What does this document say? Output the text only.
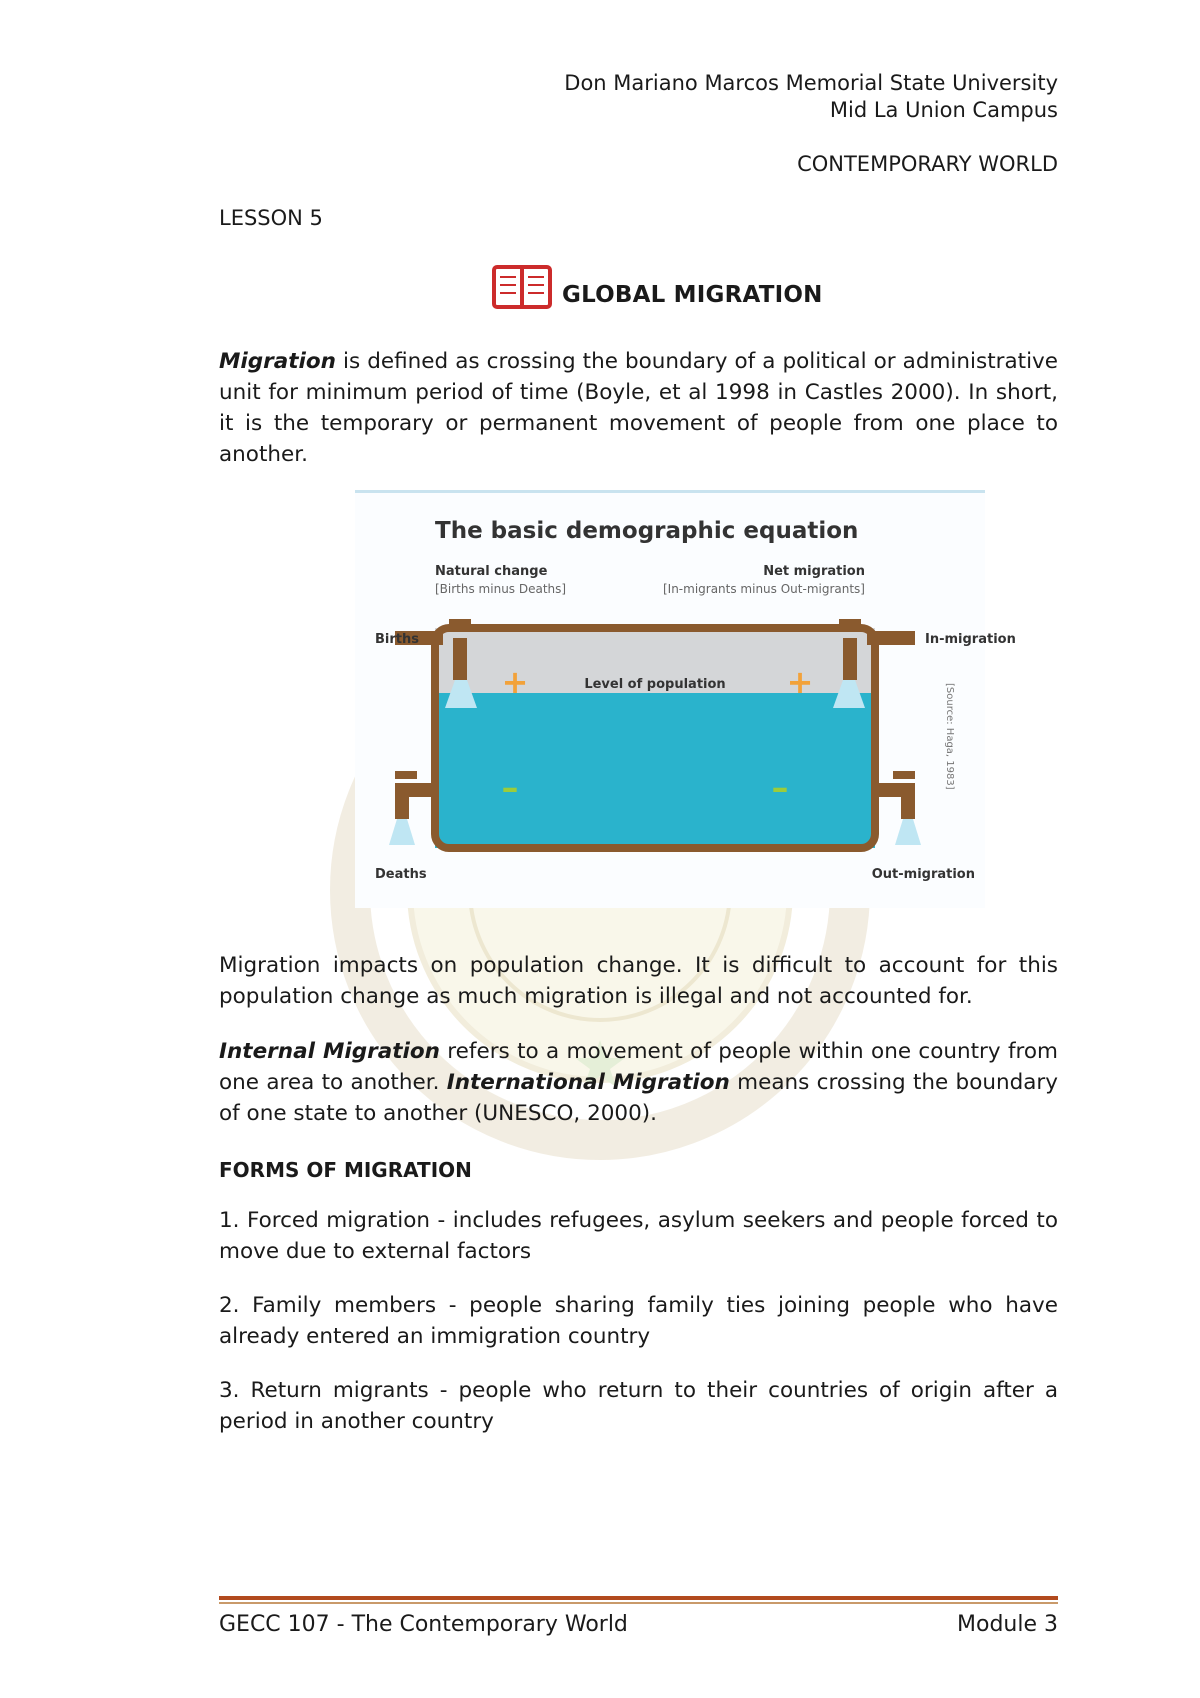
Don Mariano Marcos Memorial State University
Mid La Union Campus
CONTEMPORARY WORLD
LESSON 5
GLOBAL MIGRATION
Migration is defined as crossing the boundary of a political or administrative unit for minimum period of time (Boyle, et al 1998 in Castles 2000). In short, it is the temporary or permanent movement of people from one place to another.
The basic demographic equation
Natural change
[Births minus Deaths]
Net migration
[In-migrants minus Out-migrants]
Births	In-migration
Level of population
+	+
–	–
Deaths	Out-migration
[Source: Haga, 1983]
Migration impacts on population change. It is difficult to account for this population change as much migration is illegal and not accounted for.
Internal Migration refers to a movement of people within one country from one area to another. International Migration means crossing the boundary of one state to another (UNESCO, 2000).
FORMS OF MIGRATION
1. Forced migration - includes refugees, asylum seekers and people forced to move due to external factors
2. Family members - people sharing family ties joining people who have already entered an immigration country
3. Return migrants - people who return to their countries of origin after a period in another country
GECC 107 - The Contemporary World	Module 3
